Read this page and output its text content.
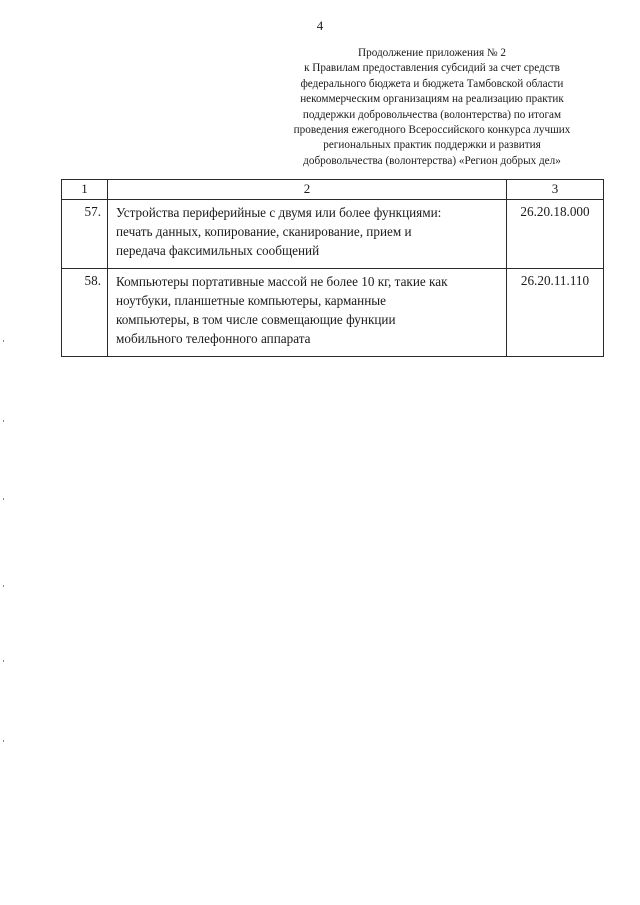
4
Продолжение приложения № 2
к Правилам предоставления субсидий за счет средств
федерального бюджета и бюджета Тамбовской области
некоммерческим организациям на реализацию практик
поддержки добровольчества (волонтерства) по итогам
проведения ежегодного Всероссийского конкурса лучших
региональных практик поддержки и развития
добровольчества (волонтерства) «Регион добрых дел»
1	2	3
57.	Устройства периферийные с двумя или более функциями:
печать данных, копирование, сканирование, прием и
передача факсимильных сообщений	26.20.18.000
58.	Компьютеры портативные массой не более 10 кг, такие как
ноутбуки, планшетные компьютеры, карманные
компьютеры, в том числе совмещающие функции
мобильного телефонного аппарата	26.20.11.110
